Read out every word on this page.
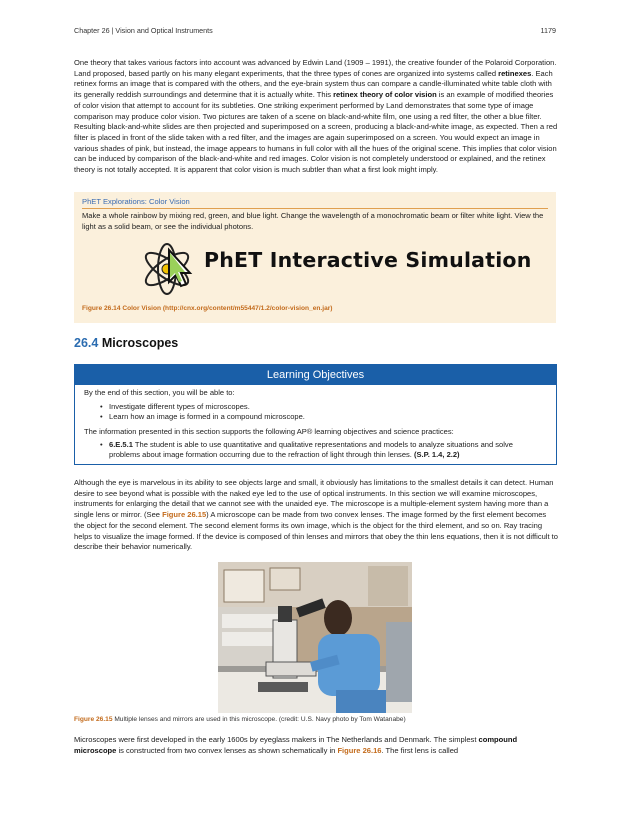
Chapter 26 | Vision and Optical Instruments	1179

One theory that takes various factors into account was advanced by Edwin Land (1909 – 1991), the creative founder of the Polaroid Corporation. Land proposed, based partly on his many elegant experiments, that the three types of cones are organized into systems called retinexes. Each retinex forms an image that is compared with the others, and the eye-brain system thus can compare a candle-illuminated white table cloth with its generally reddish surroundings and determine that it is actually white. This retinex theory of color vision is an example of modified theories of color vision that attempt to account for its subtleties. One striking experiment performed by Land demonstrates that some type of image comparison may produce color vision. Two pictures are taken of a scene on black-and-white film, one using a red filter, the other a blue filter. Resulting black-and-white slides are then projected and superimposed on a screen, producing a black-and-white image, as expected. Then a red filter is placed in front of the slide taken with a red filter, and the images are again superimposed on a screen. You would expect an image in various shades of pink, but instead, the image appears to humans in full color with all the hues of the original scene. This implies that color vision can be induced by comparison of the black-and-white and red images. Color vision is not completely understood or explained, and the retinex theory is not totally accepted. It is apparent that color vision is much subtler than what a first look might imply.

PhET Explorations: Color Vision
Make a whole rainbow by mixing red, green, and blue light. Change the wavelength of a monochromatic beam or filter white light. View the light as a solid beam, or see the individual photons.
PhET Interactive Simulation
Figure 26.14 Color Vision (http://cnx.org/content/m55447/1.2/color-vision_en.jar)
26.4 Microscopes
Learning Objectives
By the end of this section, you will be able to:
• Investigate different types of microscopes.
• Learn how an image is formed in a compound microscope.
The information presented in this section supports the following AP® learning objectives and science practices:
• 6.E.5.1 The student is able to use quantitative and qualitative representations and models to analyze situations and solve problems about image formation occurring due to the refraction of light through thin lenses. (S.P. 1.4, 2.2)

Although the eye is marvelous in its ability to see objects large and small, it obviously has limitations to the smallest details it can detect. Human desire to see beyond what is possible with the naked eye led to the use of optical instruments. In this section we will examine microscopes, instruments for enlarging the detail that we cannot see with the unaided eye. The microscope is a multiple-element system having more than a single lens or mirror. (See Figure 26.15) A microscope can be made from two convex lenses. The image formed by the first element becomes the object for the second element. The second element forms its own image, which is the object for the third element, and so on. Ray tracing helps to visualize the image formed. If the device is composed of thin lenses and mirrors that obey the thin lens equations, then it is not difficult to describe their behavior numerically.

Figure 26.15 Multiple lenses and mirrors are used in this microscope. (credit: U.S. Navy photo by Tom Watanabe)

Microscopes were first developed in the early 1600s by eyeglass makers in The Netherlands and Denmark. The simplest compound microscope is constructed from two convex lenses as shown schematically in Figure 26.16. The first lens is called
